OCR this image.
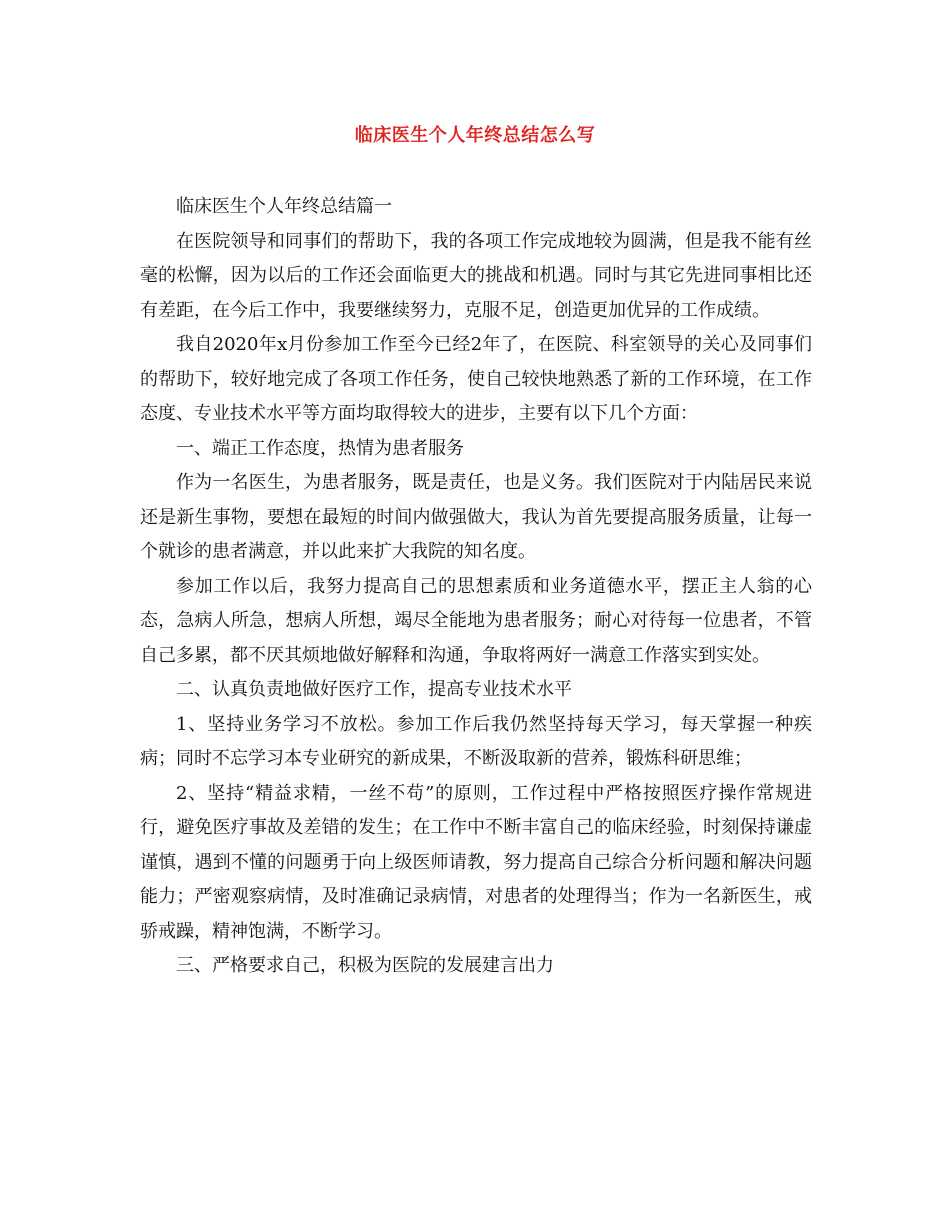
临床医生个人年终总结怎么写

临床医生个人年终总结篇一

在医院领导和同事们的帮助下，我的各项工作完成地较为圆满，但是我不能有丝毫的松懈，因为以后的工作还会面临更大的挑战和机遇。同时与其它先进同事相比还有差距，在今后工作中，我要继续努力，克服不足，创造更加优异的工作成绩。

我自2020年x月份参加工作至今已经2年了，在医院、科室领导的关心及同事们的帮助下，较好地完成了各项工作任务，使自己较快地熟悉了新的工作环境，在工作态度、专业技术水平等方面均取得较大的进步，主要有以下几个方面：

一、端正工作态度，热情为患者服务

作为一名医生，为患者服务，既是责任，也是义务。我们医院对于内陆居民来说还是新生事物，要想在最短的时间内做强做大，我认为首先要提高服务质量，让每一个就诊的患者满意，并以此来扩大我院的知名度。

参加工作以后，我努力提高自己的思想素质和业务道德水平，摆正主人翁的心态，急病人所急，想病人所想，竭尽全能地为患者服务；耐心对待每一位患者，不管自己多累，都不厌其烦地做好解释和沟通，争取将两好一满意工作落实到实处。

二、认真负责地做好医疗工作，提高专业技术水平

1、坚持业务学习不放松。参加工作后我仍然坚持每天学习，每天掌握一种疾病；同时不忘学习本专业研究的新成果，不断汲取新的营养，锻炼科研思维；

2、坚持“精益求精，一丝不苟”的原则，工作过程中严格按照医疗操作常规进行，避免医疗事故及差错的发生；在工作中不断丰富自己的临床经验，时刻保持谦虚谨慎，遇到不懂的问题勇于向上级医师请教，努力提高自己综合分析问题和解决问题能力；严密观察病情，及时准确记录病情，对患者的处理得当；作为一名新医生，戒骄戒躁，精神饱满，不断学习。

三、严格要求自己，积极为医院的发展建言出力
